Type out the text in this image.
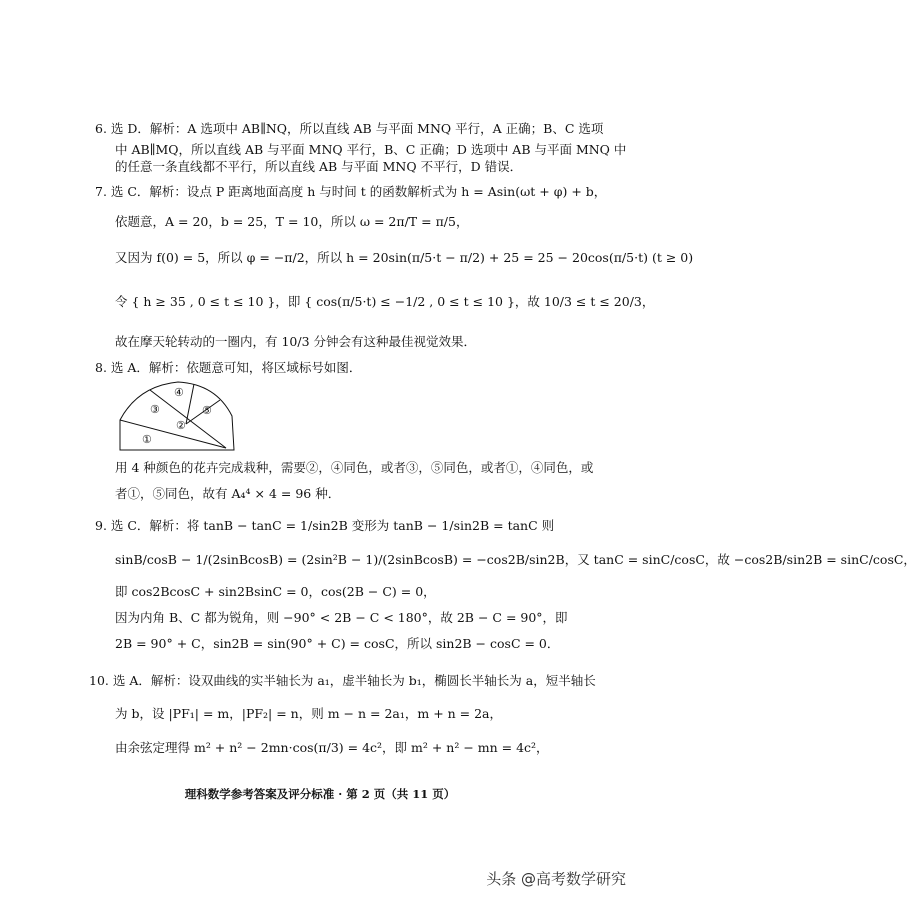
6. 选 D．解析：A 选项中 AB∥NQ，所以直线 AB 与平面 MNQ 平行，A 正确；B、C 选项
中 AB∥MQ，所以直线 AB 与平面 MNQ 平行，B、C 正确；D 选项中 AB 与平面 MNQ 中
的任意一条直线都不平行，所以直线 AB 与平面 MNQ 不平行，D 错误．
7. 选 C．解析：设点 P 距离地面高度 h 与时间 t 的函数解析式为 h = Asin(ωt + φ) + b，
依题意，A = 20，b = 25，T = 10，所以 ω = 2π/T = π/5，
又因为 f(0) = 5，所以 φ = −π/2，所以 h = 20sin(π/5·t − π/2) + 25 = 25 − 20cos(π/5·t) (t ≥ 0)
令 { h ≥ 35 , 0 ≤ t ≤ 10 }，即 { cos(π/5·t) ≤ −1/2 , 0 ≤ t ≤ 10 }，故 10/3 ≤ t ≤ 20/3，
故在摩天轮转动的一圈内，有 10/3 分钟会有这种最佳视觉效果．
8. 选 A．解析：依题意可知，将区域标号如图．
①
②
③
④
⑤
用 4 种颜色的花卉完成栽种，需要②，④同色，或者③，⑤同色，或者①，④同色，或
者①，⑤同色，故有 A₄⁴ × 4 = 96 种．
9. 选 C．解析：将 tanB − tanC = 1/sin2B 变形为 tanB − 1/sin2B = tanC 则
sinB/cosB − 1/(2sinBcosB) = (2sin²B − 1)/(2sinBcosB) = −cos2B/sin2B，又 tanC = sinC/cosC，故 −cos2B/sin2B = sinC/cosC，
即 cos2BcosC + sin2BsinC = 0，cos(2B − C) = 0，
因为内角 B、C 都为锐角，则 −90° < 2B − C < 180°，故 2B − C = 90°，即
2B = 90° + C，sin2B = sin(90° + C) = cosC，所以 sin2B − cosC = 0．
10. 选 A．解析：设双曲线的实半轴长为 a₁，虚半轴长为 b₁，椭圆长半轴长为 a，短半轴长
为 b，设 |PF₁| = m，|PF₂| = n，则 m − n = 2a₁，m + n = 2a，
由余弦定理得 m² + n² − 2mn·cos(π/3) = 4c²，即 m² + n² − mn = 4c²，
理科数学参考答案及评分标准 · 第 2 页（共 11 页）
头条 @高考数学研究
